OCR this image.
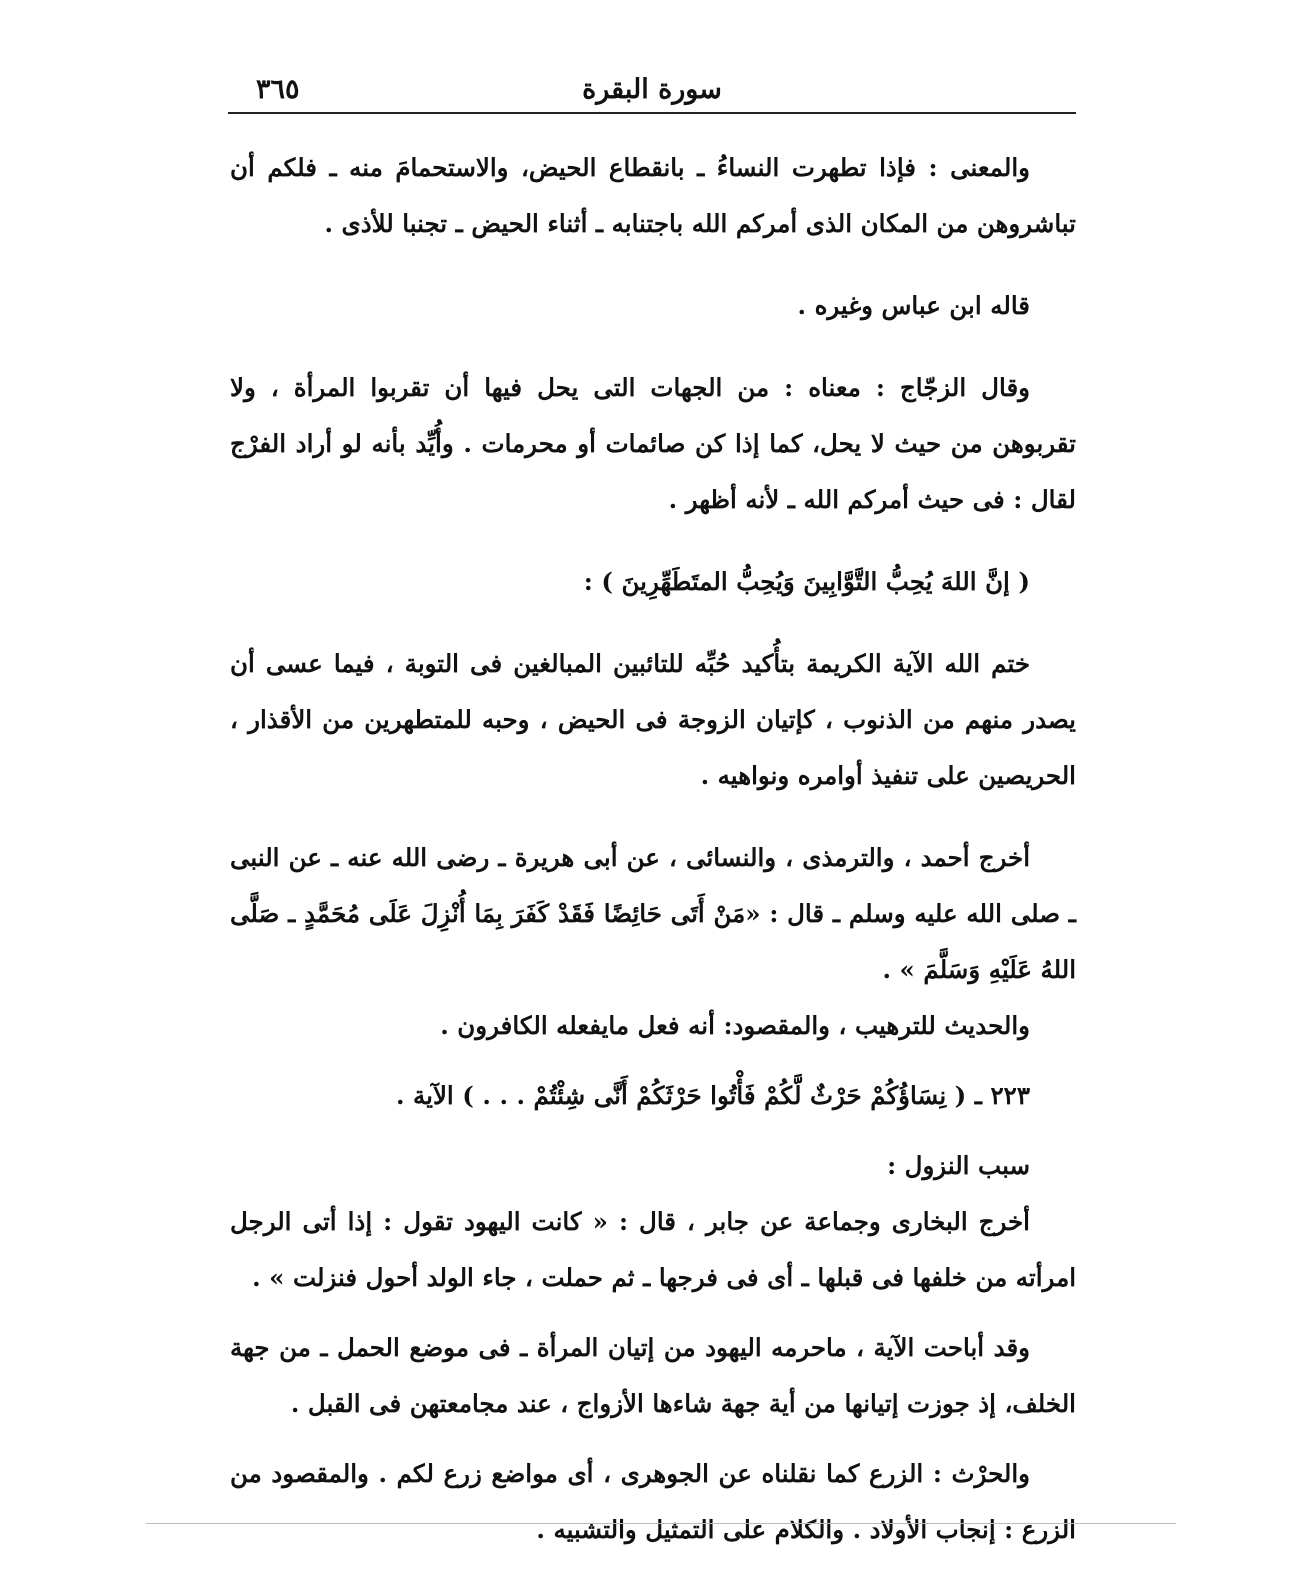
٣٦٥	سورة البقرة

والمعنى : فإذا تطهرت النساءُ ـ بانقطاع الحيض، والاستحمامَ منه ـ فلكم أن تباشروهن من المكان الذى أمركم الله باجتنابه ـ أثناء الحيض ـ تجنبا للأذى .

قاله ابن عباس وغيره .

وقال الزجّاج : معناه : من الجهات التى يحل فيها أن تقربوا المرأة ، ولا تقربوهن من حيث لا يحل، كما إذا كن صائمات أو محرمات . وأُيِّد بأنه لو أراد الفرْج لقال : فى حيث أمركم الله ـ لأنه أظهر .

( إنَّ اللهَ يُحِبُّ التَّوَّابِينَ وَيُحِبُّ المتَطَهِّرِينَ ) :

ختم الله الآية الكريمة بتأُكيد حُبِّه للتائبين المبالغين فى التوبة ، فيما عسى أن يصدر منهم من الذنوب ، كإتيان الزوجة فى الحيض ، وحبه للمتطهرين من الأقذار ، الحريصين على تنفيذ أوامره ونواهيه .

أخرج أحمد ، والترمذى ، والنسائى ، عن أبى هريرة ـ رضى الله عنه ـ عن النبى ـ صلى الله عليه وسلم ـ قال : «مَنْ أَتَى حَائِضًا فَقَدْ كَفَرَ بِمَا أُنْزِلَ عَلَى مُحَمَّدٍ ـ صَلَّى اللهُ عَلَيْهِ وَسَلَّمَ » .

والحديث للترهيب ، والمقصود: أنه فعل مايفعله الكافرون .

٢٢٣ ـ ( نِسَاؤُكُمْ حَرْثٌ لَّكُمْ فَأْتُوا حَرْثَكُمْ أَنَّى شِئْتُمْ . . . ) الآية .

سبب النزول :

أخرج البخارى وجماعة عن جابر ، قال : « كانت اليهود تقول : إذا أتى الرجل امرأته من خلفها فى قبلها ـ أى فى فرجها ـ ثم حملت ، جاء الولد أحول فنزلت » .

وقد أباحت الآية ، ماحرمه اليهود من إتيان المرأة ـ فى موضع الحمل ـ من جهة الخلف، إذ جوزت إتيانها من أية جهة شاءها الأزواج ، عند مجامعتهن فى القبل .

والحرْث : الزرع كما نقلناه عن الجوهرى ، أى مواضع زرع لكم . والمقصود من الزرع : إنجاب الأولاد . والكلام على التمثيل والتشبيه .
